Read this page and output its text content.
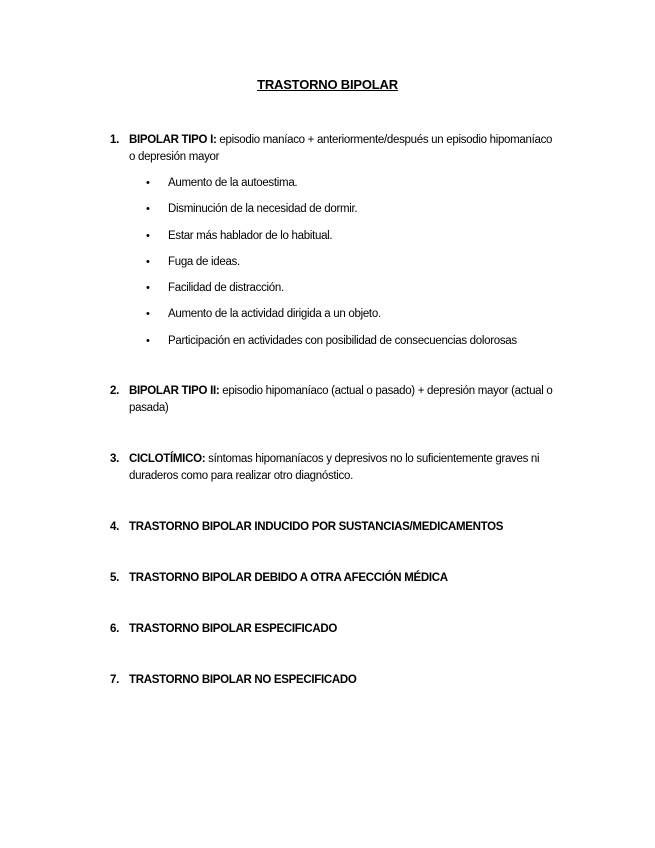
TRASTORNO BIPOLAR
1. BIPOLAR TIPO I: episodio maníaco + anteriormente/después un episodio hipomaníaco o depresión mayor
• Aumento de la autoestima.
• Disminución de la necesidad de dormir.
• Estar más hablador de lo habitual.
• Fuga de ideas.
• Facilidad de distracción.
• Aumento de la actividad dirigida a un objeto.
• Participación en actividades con posibilidad de consecuencias dolorosas
2. BIPOLAR TIPO II: episodio hipomaníaco (actual o pasado) + depresión mayor (actual o pasada)
3. CICLOTÍMICO: síntomas hipomaníacos y depresivos no lo suficientemente graves ni duraderos como para realizar otro diagnóstico.
4. TRASTORNO BIPOLAR INDUCIDO POR SUSTANCIAS/MEDICAMENTOS
5. TRASTORNO BIPOLAR DEBIDO A OTRA AFECCIÓN MÉDICA
6. TRASTORNO BIPOLAR ESPECIFICADO
7. TRASTORNO BIPOLAR NO ESPECIFICADO
